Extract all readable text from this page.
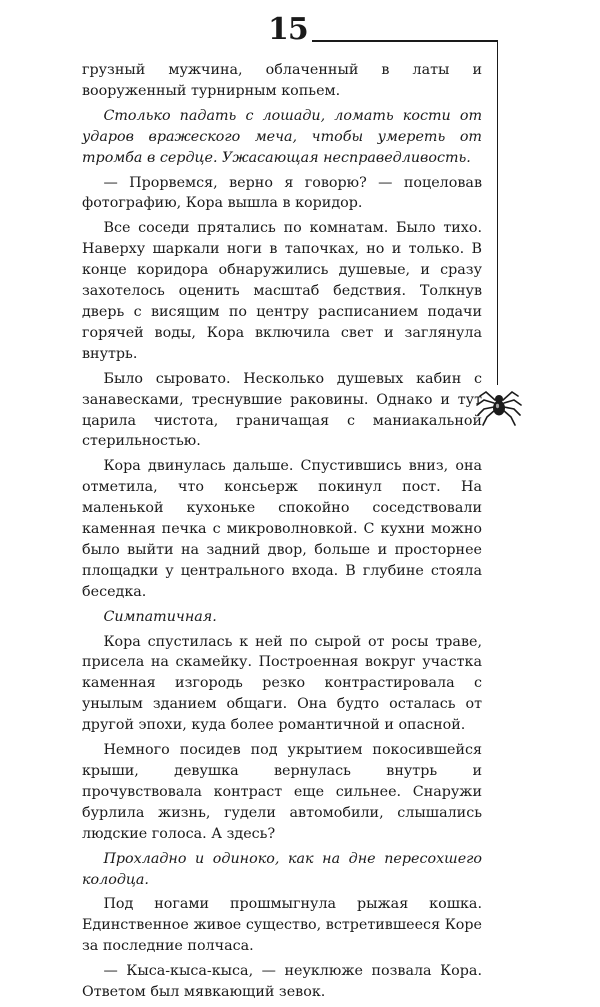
15

грузный мужчина, облаченный в латы и вооруженный турнирным копьем.

Столько падать с лошади, ломать кости от ударов вражеского меча, чтобы умереть от тромба в сердце. Ужасающая несправедливость.

— Прорвемся, верно я говорю? — поцеловав фотографию, Кора вышла в коридор.

Все соседи прятались по комнатам. Было тихо. Наверху шаркали ноги в тапочках, но и только. В конце коридора обнаружились душевые, и сразу захотелось оценить масштаб бедствия. Толкнув дверь с висящим по центру расписанием подачи горячей воды, Кора включила свет и заглянула внутрь.

Было сыровато. Несколько душевых кабин с занавесками, треснувшие раковины. Однако и тут царила чистота, граничащая с маниакальной стерильностью.

Кора двинулась дальше. Спустившись вниз, она отметила, что консьерж покинул пост. На маленькой кухоньке спокойно соседствовали каменная печка с микроволновкой. С кухни можно было выйти на задний двор, больше и просторнее площадки у центрального входа. В глубине стояла беседка.

Симпатичная.

Кора спустилась к ней по сырой от росы траве, присела на скамейку. Построенная вокруг участка каменная изгородь резко контрастировала с унылым зданием общаги. Она будто осталась от другой эпохи, куда более романтичной и опасной.

Немного посидев под укрытием покосившейся крыши, девушка вернулась внутрь и прочувствовала контраст еще сильнее. Снаружи бурлила жизнь, гудели автомобили, слышались людские голоса. А здесь?

Прохладно и одиноко, как на дне пересохшего колодца.

Под ногами прошмыгнула рыжая кошка. Единственное живое существо, встретившееся Коре за последние полчаса.

— Кыса-кыса-кыса, — неуклюже позвала Кора. Ответом был мявкающий зевок.
